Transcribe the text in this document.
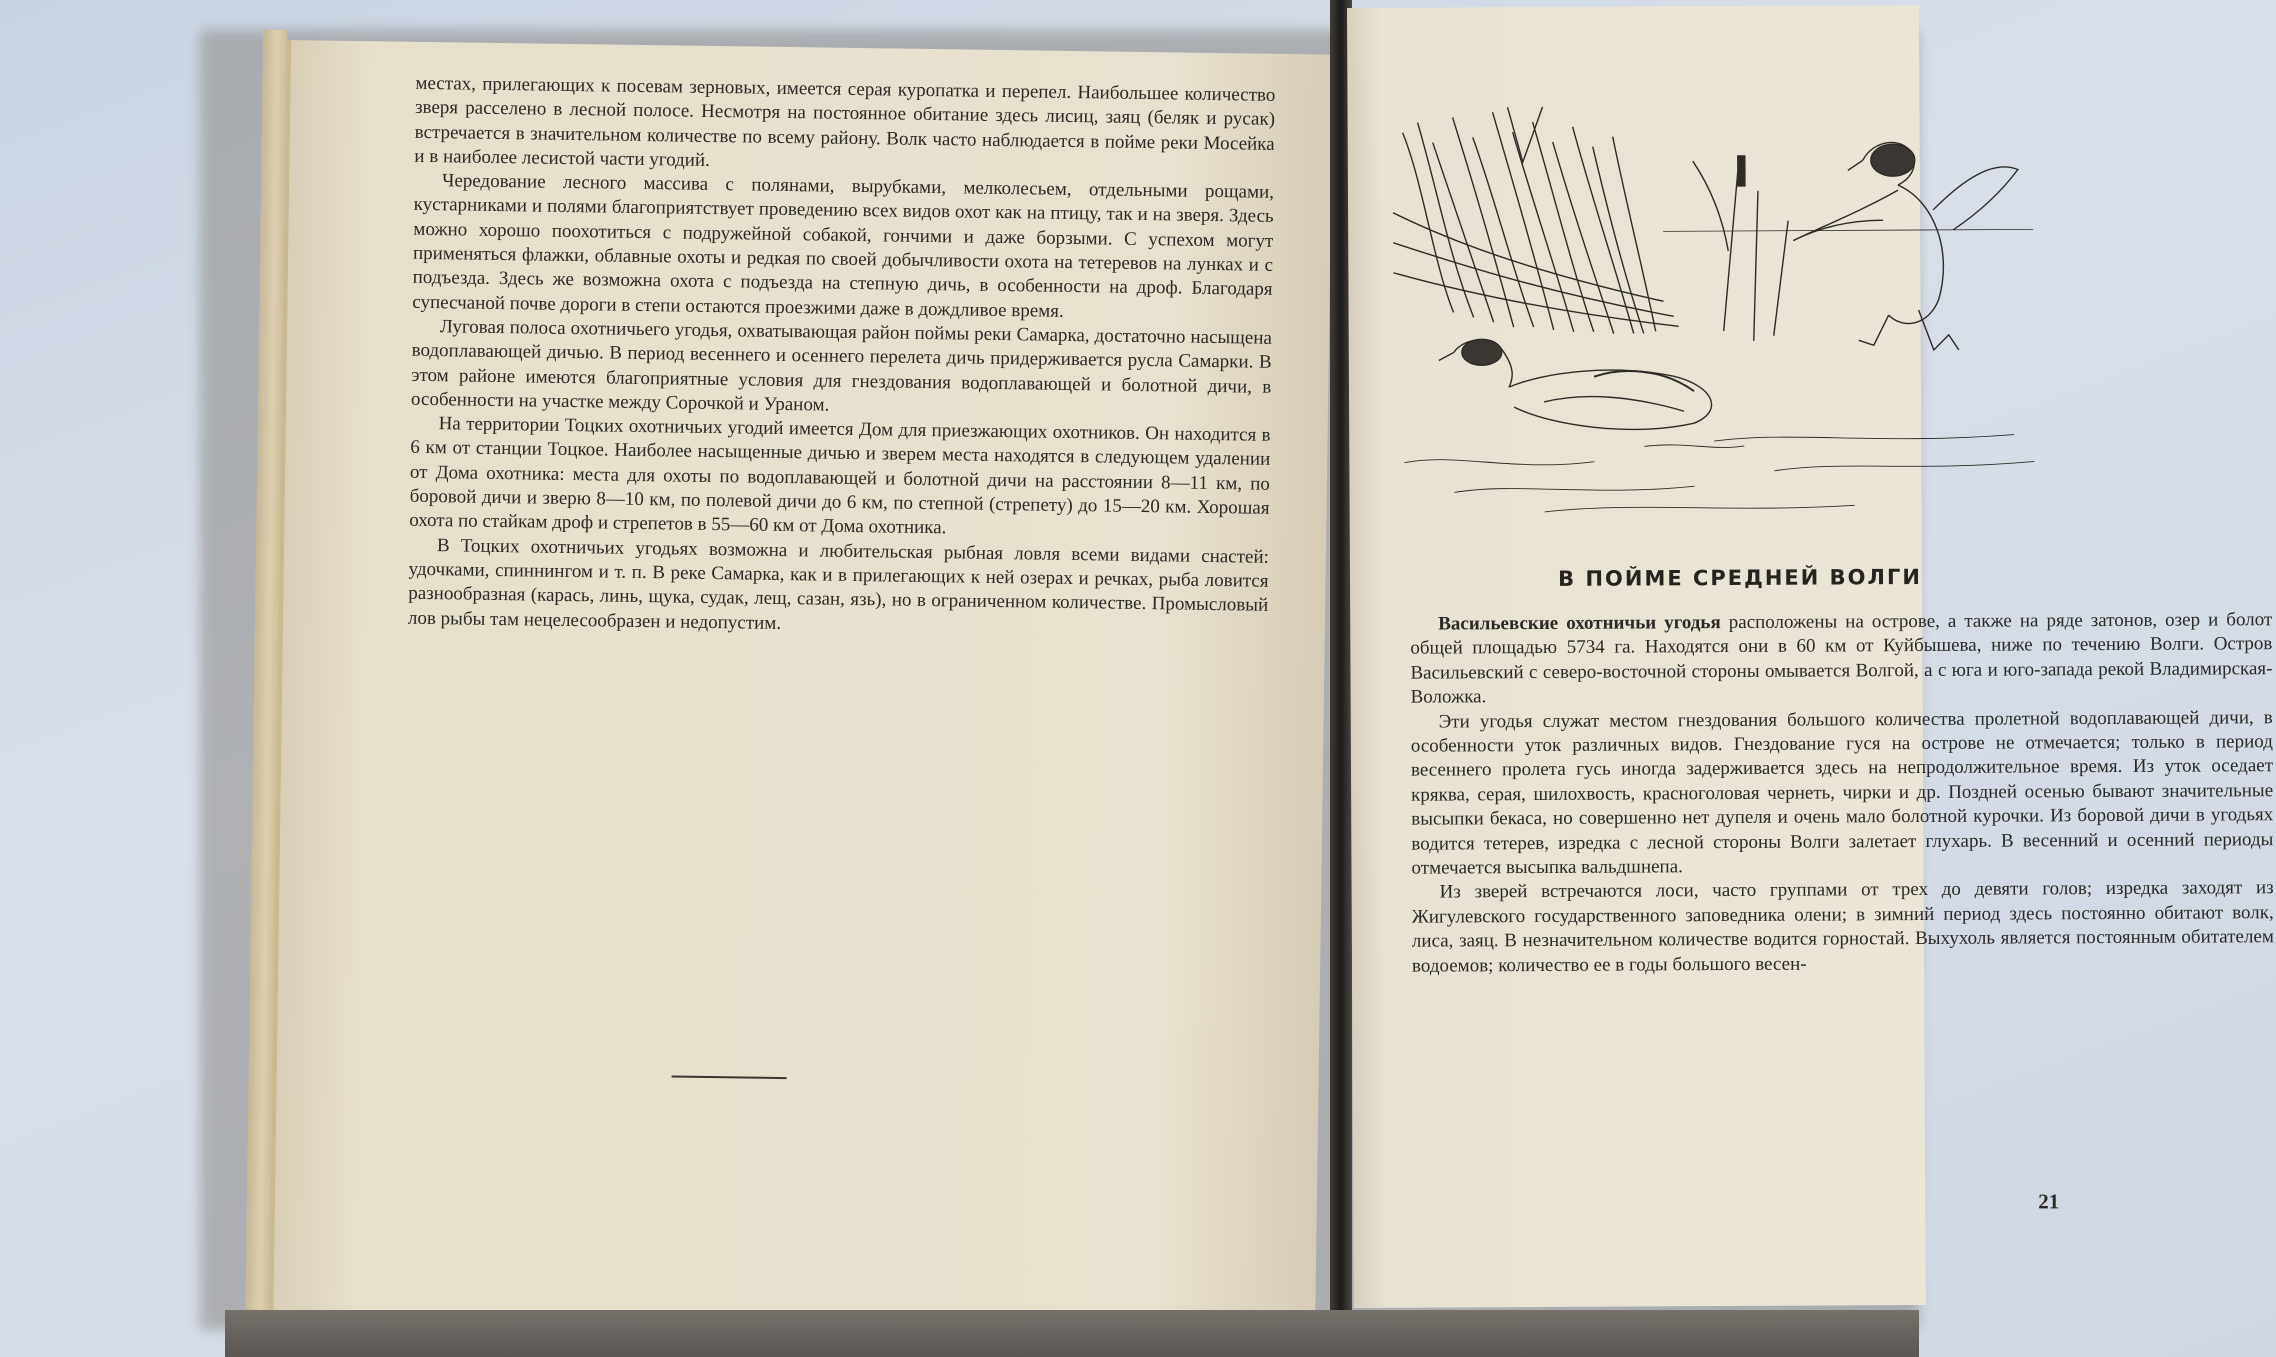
местах, прилегающих к посевам зерновых, имеется серая куропатка и перепел. Наибольшее количество зверя расселено в лесной полосе. Несмотря на постоянное обитание здесь лисиц, заяц (беляк и русак) встречается в значительном количестве по всему району. Волк часто наблюдается в пойме реки Мосейка и в наиболее лесистой части угодий.

Чередование лесного массива с полянами, вырубками, мелколесьем, отдельными рощами, кустарниками и полями благоприятствует проведению всех видов охот как на птицу, так и на зверя. Здесь можно хорошо поохотиться с подружейной собакой, гончими и даже борзыми. С успехом могут применяться флажки, облавные охоты и редкая по своей добычливости охота на тетеревов на лунках и с подъезда. Здесь же возможна охота с подъезда на степную дичь, в особенности на дроф. Благодаря супесчаной почве дороги в степи остаются проезжими даже в дождливое время.

Луговая полоса охотничьего угодья, охватывающая район поймы реки Самарка, достаточно насыщена водоплавающей дичью. В период весеннего и осеннего перелета дичь придерживается русла Самарки. В этом районе имеются благоприятные условия для гнездования водоплавающей и болотной дичи, в особенности на участке между Сорочкой и Ураном.

На территории Тоцких охотничьих угодий имеется Дом для приезжающих охотников. Он находится в 6 км от станции Тоцкое. Наиболее насыщенные дичью и зверем места находятся в следующем удалении от Дома охотника: места для охоты по водоплавающей и болотной дичи на расстоянии 8—11 км, по боровой дичи и зверю 8—10 км, по полевой дичи до 6 км, по степной (стрепету) до 15—20 км. Хорошая охота по стайкам дроф и стрепетов в 55—60 км от Дома охотника.

В Тоцких охотничьих угодьях возможна и любительская рыбная ловля всеми видами снастей: удочками, спиннингом и т. п. В реке Самарка, как и в прилегающих к ней озерах и речках, рыба ловится разнообразная (карась, линь, щука, судак, лещ, сазан, язь), но в ограниченном количестве. Промысловый лов рыбы там нецелесообразен и недопустим.

В ПОЙМЕ СРЕДНЕЙ ВОЛГИ

Васильевские охотничьи угодья расположены на острове, а также на ряде затонов, озер и болот общей площадью 5734 га. Находятся они в 60 км от Куйбышева, ниже по течению Волги. Остров Васильевский с северо-восточной стороны омывается Волгой, а с юга и юго-запада рекой Владимирская-Воложка.

Эти угодья служат местом гнездования большого количества пролетной водоплавающей дичи, в особенности уток различных видов. Гнездование гуся на острове не отмечается; только в период весеннего пролета гусь иногда задерживается здесь на непродолжительное время. Из уток оседает кряква, серая, шилохвость, красноголовая чернеть, чирки и др. Поздней осенью бывают значительные высыпки бекаса, но совершенно нет дупеля и очень мало болотной курочки. Из боровой дичи в угодьях водится тетерев, изредка с лесной стороны Волги залетает глухарь. В весенний и осенний периоды отмечается высыпка вальдшнепа.

Из зверей встречаются лоси, часто группами от трех до девяти голов; изредка заходят из Жигулевского государственного заповедника олени; в зимний период здесь постоянно обитают волк, лиса, заяц. В незначительном количестве водится горностай. Выхухоль является постоянным обитателем водоемов; количество ее в годы большого весен-

21
